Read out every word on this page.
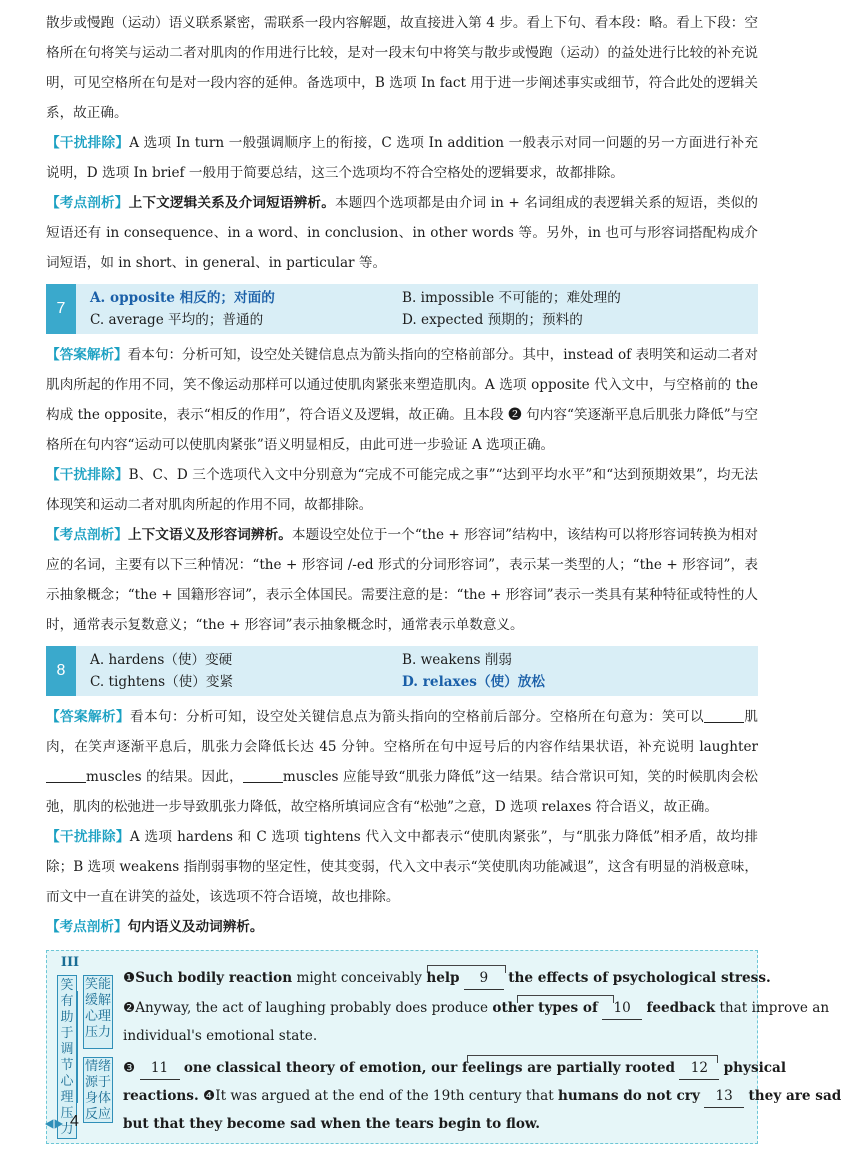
散步或慢跑（运动）语义联系紧密，需联系一段内容解题，故直接进入第 4 步。看上下句、看本段：略。看上下段：空格所在句将笑与运动二者对肌肉的作用进行比较，是对一段末句中将笑与散步或慢跑（运动）的益处进行比较的补充说明，可见空格所在句是对一段内容的延伸。备选项中，B 选项 In fact 用于进一步阐述事实或细节，符合此处的逻辑关系，故正确。

【干扰排除】A 选项 In turn 一般强调顺序上的衔接，C 选项 In addition 一般表示对同一问题的另一方面进行补充说明，D 选项 In brief 一般用于简要总结，这三个选项均不符合空格处的逻辑要求，故都排除。

【考点剖析】上下文逻辑关系及介词短语辨析。本题四个选项都是由介词 in + 名词组成的表逻辑关系的短语，类似的短语还有 in consequence、in a word、in conclusion、in other words 等。另外，in 也可与形容词搭配构成介词短语，如 in short、in general、in particular 等。

7
A. opposite 相反的；对面的	B. impossible 不可能的；难处理的
C. average 平均的；普通的	D. expected 预期的；预料的

【答案解析】看本句：分析可知，设空处关键信息点为箭头指向的空格前部分。其中，instead of 表明笑和运动二者对肌肉所起的作用不同，笑不像运动那样可以通过使肌肉紧张来塑造肌肉。A 选项 opposite 代入文中，与空格前的 the 构成 the opposite，表示“相反的作用”，符合语义及逻辑，故正确。且本段 ❷ 句内容“笑逐渐平息后肌张力降低”与空格所在句内容“运动可以使肌肉紧张”语义明显相反，由此可进一步验证 A 选项正确。

【干扰排除】B、C、D 三个选项代入文中分别意为“完成不可能完成之事”“达到平均水平”和“达到预期效果”，均无法体现笑和运动二者对肌肉所起的作用不同，故都排除。

【考点剖析】上下文语义及形容词辨析。本题设空处位于一个“the + 形容词”结构中，该结构可以将形容词转换为相对应的名词，主要有以下三种情况：“the + 形容词 /-ed 形式的分词形容词”，表示某一类型的人；“the + 形容词”，表示抽象概念；“the + 国籍形容词”，表示全体国民。需要注意的是：“the + 形容词”表示一类具有某种特征或特性的人时，通常表示复数意义；“the + 形容词”表示抽象概念时，通常表示单数意义。

8
A. hardens（使）变硬	B. weakens 削弱
C. tightens（使）变紧	D. relaxes（使）放松

【答案解析】看本句：分析可知，设空处关键信息点为箭头指向的空格前后部分。空格所在句意为：笑可以	肌肉，在笑声逐渐平息后，肌张力会降低长达 45 分钟。空格所在句中逗号后的内容作结果状语，补充说明 laughtermuscles 的结果。因此，	muscles 应能导致“肌张力降低”这一结果。结合常识可知，笑的时候肌肉会松弛，肌肉的松弛进一步导致肌张力降低，故空格所填词应含有“松弛”之意，D 选项 relaxes 符合语义，故正确。

【干扰排除】A 选项 hardens 和 C 选项 tightens 代入文中都表示“使肌肉紧张”，与“肌张力降低”相矛盾，故均排除；B 选项 weakens 指削弱事物的坚定性，使其变弱，代入文中表示“笑使肌肉功能减退”，这含有明显的消极意味，而文中一直在讲笑的益处，该选项不符合语境，故也排除。

【考点剖析】句内语义及动词辨析。

III
笑有助于调节心理压力
笑能缓解心理压力
情绪源于身体反应
❶Such bodily reaction might conceivably help 9 the effects of psychological stress.
❷Anyway, the act of laughing probably does produce other types of 10 feedback that improve an
individual's emotional state.
❸ 11 one classical theory of emotion, our feelings are partially rooted 12 physical
reactions. ❹It was argued at the end of the 19th century that humans do not cry 13 they are sad
but that they become sad when the tears begin to flow.
4
